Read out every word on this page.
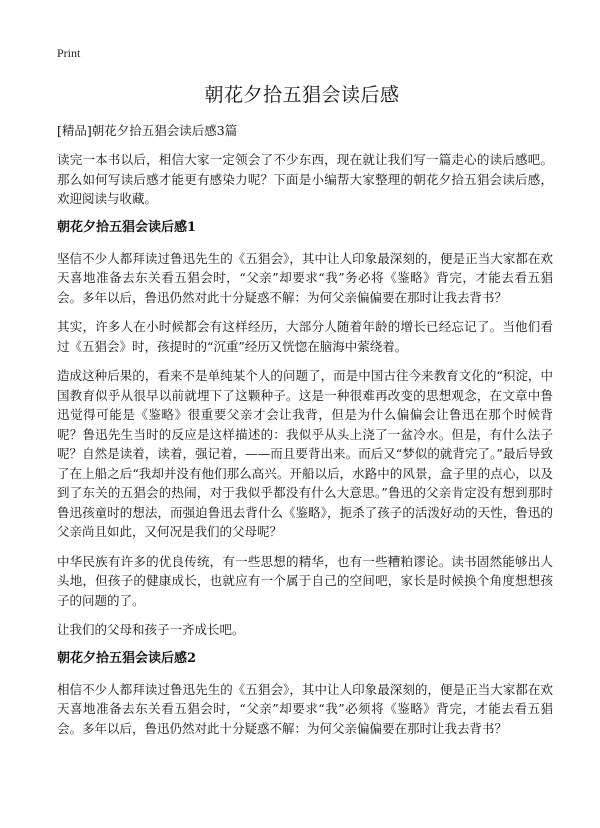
Print
朝花夕拾五猖会读后感

[精品]朝花夕拾五猖会读后感3篇

读完一本书以后，相信大家一定领会了不少东西，现在就让我们写一篇走心的读后感吧。那么如何写读后感才能更有感染力呢？下面是小编帮大家整理的朝花夕拾五猖会读后感，欢迎阅读与收藏。

朝花夕拾五猖会读后感1

坚信不少人都拜读过鲁迅先生的《五猖会》，其中让人印象最深刻的，便是正当大家都在欢天喜地准备去东关看五猖会时，“父亲”却要求“我”务必将《鉴略》背完，才能去看五猖会。多年以后，鲁迅仍然对此十分疑惑不解：为何父亲偏偏要在那时让我去背书？

其实，许多人在小时候都会有这样经历，大部分人随着年龄的增长已经忘记了。当他们看过《五猖会》时，孩提时的“沉重”经历又恍惚在脑海中萦绕着。

造成这种后果的，看来不是单纯某个人的问题了，而是中国古往今来教育文化的“积淀，中国教育似乎从很早以前就埋下了这颗种子。这是一种很难再改变的思想观念，在文章中鲁迅觉得可能是《鉴略》很重要父亲才会让我背，但是为什么偏偏会让鲁迅在那个时候背呢？鲁迅先生当时的反应是这样描述的：我似乎从头上浇了一盆冷水。但是，有什么法子呢？自然是读着，读着，强记着，——而且要背出来。而后又“梦似的就背完了。”最后导致了在上船之后“我却并没有他们那么高兴。开船以后，水路中的风景，盒子里的点心，以及到了东关的五猖会的热闹，对于我似乎都没有什么大意思。”鲁迅的父亲肯定没有想到那时鲁迅孩童时的想法，而强迫鲁迅去背什么《鉴略》，扼杀了孩子的活泼好动的天性，鲁迅的父亲尚且如此，又何况是我们的父母呢？

中华民族有许多的优良传统，有一些思想的精华，也有一些糟粕谬论。读书固然能够出人头地，但孩子的健康成长，也就应有一个属于自己的空间吧，家长是时候换个角度想想孩子的问题的了。

让我们的父母和孩子一齐成长吧。

朝花夕拾五猖会读后感2

相信不少人都拜读过鲁迅先生的《五猖会》，其中让人印象最深刻的，便是正当大家都在欢天喜地准备去东关看五猖会时，“父亲”却要求“我”必须将《鉴略》背完，才能去看五猖会。多年以后，鲁迅仍然对此十分疑惑不解：为何父亲偏偏要在那时让我去背书？
